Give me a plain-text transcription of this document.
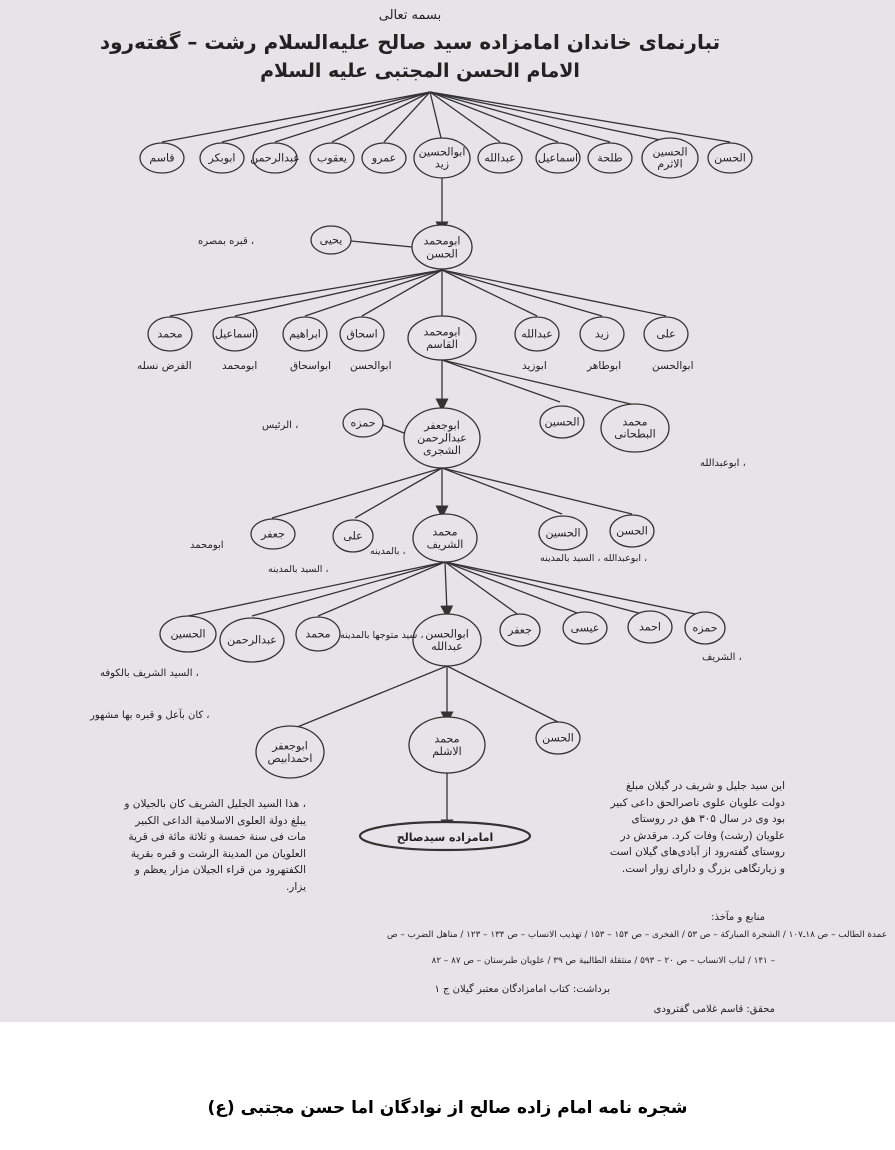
بسمه تعالی
تبارنمای خاندان امامزاده سید صالح علیه‌السلام رشت – گفته‌رود
الامام الحسن المجتبی علیه السلام
الحسن
الحسین
الاثرم
طلحة
اسماعیل
عبدالله
ابوالحسین
زید
عمرو
یعقوب
عبدالرحمن
ابوبکر
قاسم
ابومحمد
الحسن
یحیی
علی
زید
عبدالله
ابومحمد
القاسم
اسحاق
ابراهیم
اسماعیل
محمد
ابوجعفر
عبدالرحمن
الشجری
محمد
البطحانی
الحسین
حمزه
محمد
الشریف
الحسن
الحسین
علی
جعفر
حمزه
احمد
عیسی
جعفر
ابوالحسن
عبدالله
محمد
عبدالرحمن
الحسین
محمد
الاشلم
الحسن
ابوجعفر
احمدابیص
امامزاده سیدصالح
، قبره بمصره
ابوالحسن
ابوطاهر
ابوزید
ابوالحسن
ابواسحاق
ابومحمد
الفرض نسله
، الرئیس
، ابوعبدالله
، ابوعبدالله ، السید بالمدینه
، بالمدینه
، السید بالمدینه
ابومحمد
، الشریف
، سید متوجها بالمدینه
، السید الشریف بالکوفه
، کان بآعل و قبره بها مشهور
این سید جلیل و شریف در گیلان مبلغ
دولت علویان علوی ناصرالحق داعی کبیر
بود وی در سال ۳۰۵ هق در روستای
علویان (رشت) وفات کرد. مرقدش در
روستای گفته‌رود از آبادی‌های گیلان است
و زیارتگاهی بزرگ و دارای زوار است.
، هذا السید الجلیل الشریف کان بالجیلان و
یبلغ دولة العلوی الاسلامیة الداعی الکبیر
مات فی سنة خمسة و ثلاثة مائة فی قریة
العلویان من المدینة الرشت و قبره بقریة
الکفتهرود من قراء الجیلان مزار یعظم و
یزار.
منابع و مآخذ:
عمدة الطالب – ص ۱۸ـ۱۰۷ / الشجرة المبارکة – ص ۵۳ / الفخری – ص ۱۵۴ – ۱۵۳ / تهذیب الانساب – ص ۱۳۴ – ۱۲۳ / مناهل الضرب – ص
– ۱۴۱ / لباب الانساب – ص ۲۰ – ۵۹۳ / منتقلة الطالبیة ص ۳۹ / علویان طبرستان – ص ۸۷ – ۸۲
برداشت: کتاب امامزادگان معتبر گیلان ج ۱
محقق: قاسم غلامی گفترودی
شجره نامه امام زاده صالح از نوادگان اما حسن مجتبی (ع)
